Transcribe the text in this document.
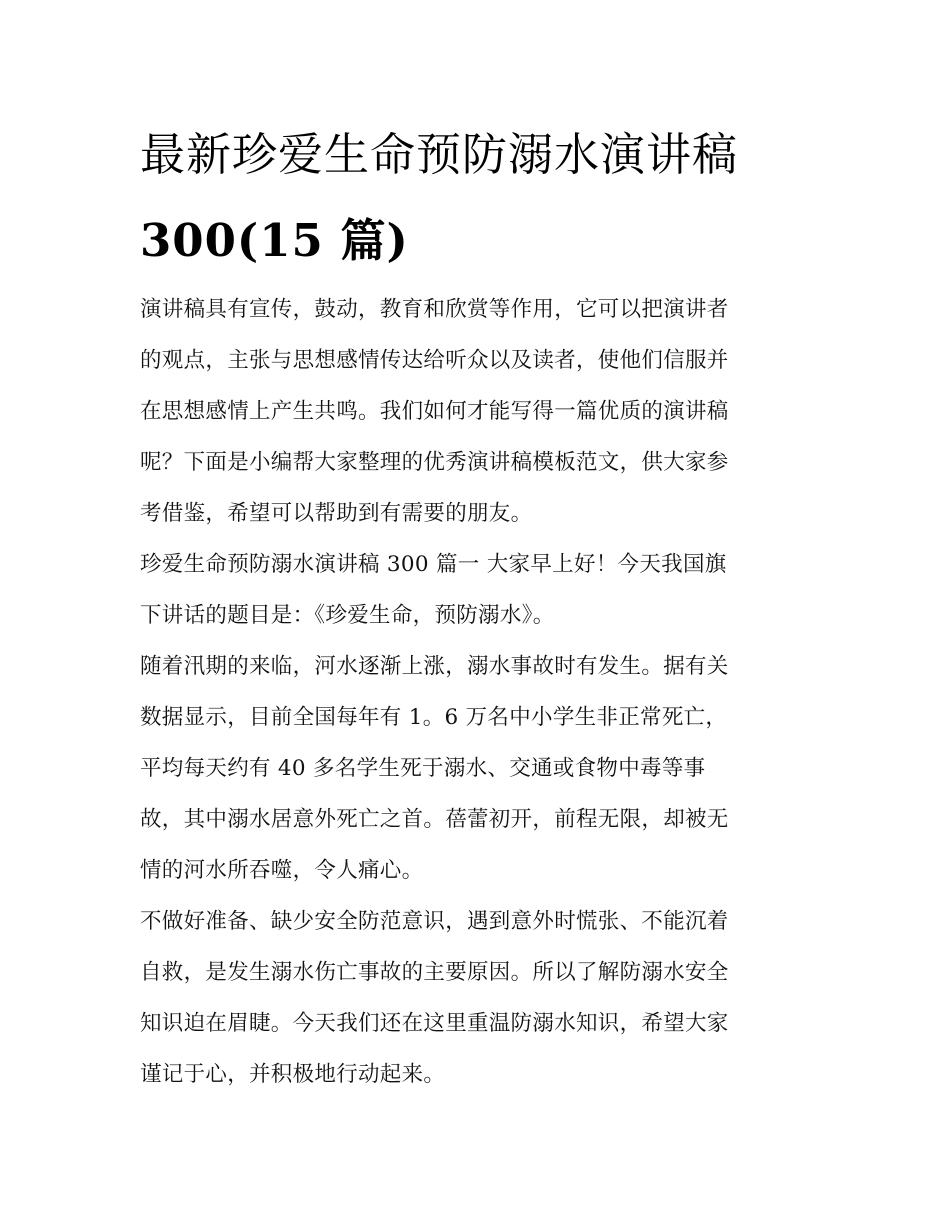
最新珍爱生命预防溺水演讲稿
300(15 篇)

演讲稿具有宣传，鼓动，教育和欣赏等作用，它可以把演讲者
的观点，主张与思想感情传达给听众以及读者，使他们信服并
在思想感情上产生共鸣。我们如何才能写得一篇优质的演讲稿
呢？下面是小编帮大家整理的优秀演讲稿模板范文，供大家参
考借鉴，希望可以帮助到有需要的朋友。

珍爱生命预防溺水演讲稿 300 篇一 大家早上好！今天我国旗
下讲话的题目是：《珍爱生命，预防溺水》。

随着汛期的来临，河水逐渐上涨，溺水事故时有发生。据有关
数据显示，目前全国每年有 1。6 万名中小学生非正常死亡，
平均每天约有 40 多名学生死于溺水、交通或食物中毒等事
故，其中溺水居意外死亡之首。蓓蕾初开，前程无限，却被无
情的河水所吞噬，令人痛心。

不做好准备、缺少安全防范意识，遇到意外时慌张、不能沉着
自救，是发生溺水伤亡事故的主要原因。所以了解防溺水安全
知识迫在眉睫。今天我们还在这里重温防溺水知识，希望大家
谨记于心，并积极地行动起来。
